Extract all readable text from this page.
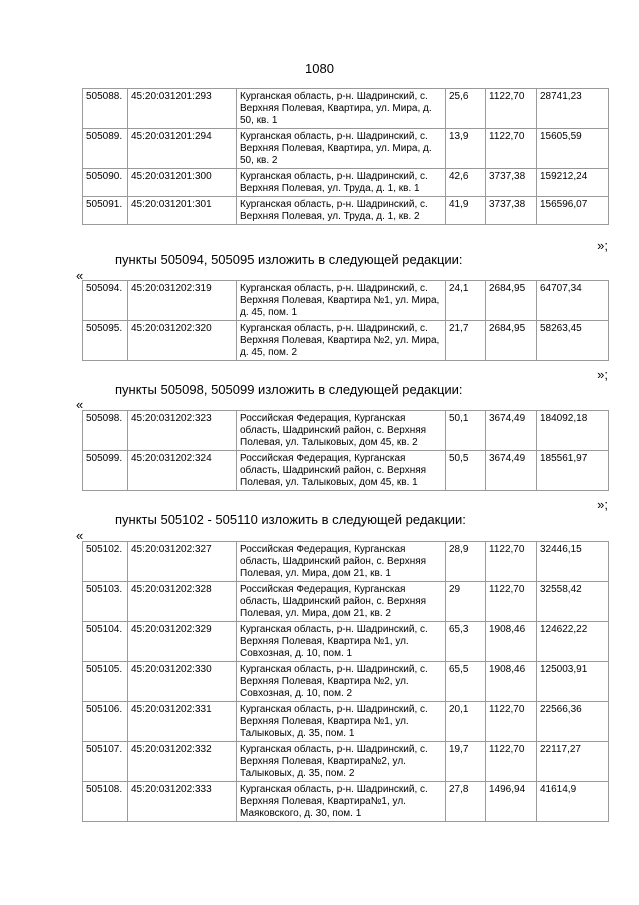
1080
505088.	45:20:031201:293	Курганская область, р-н. Шадринский, с. Верхняя Полевая, Квартира, ул. Мира, д. 50, кв. 1	25,6	1122,70	28741,23
505089.	45:20:031201:294	Курганская область, р-н. Шадринский, с. Верхняя Полевая, Квартира, ул. Мира, д. 50, кв. 2	13,9	1122,70	15605,59
505090.	45:20:031201:300	Курганская область, р-н. Шадринский, с. Верхняя Полевая, ул. Труда, д. 1, кв. 1	42,6	3737,38	159212,24
505091.	45:20:031201:301	Курганская область, р-н. Шадринский, с. Верхняя Полевая, ул. Труда, д. 1, кв. 2	41,9	3737,38	156596,07
»;
пункты 505094, 505095 изложить в следующей редакции:
«
505094.	45:20:031202:319	Курганская область, р-н. Шадринский, с. Верхняя Полевая, Квартира №1, ул. Мира, д. 45, пом. 1	24,1	2684,95	64707,34
505095.	45:20:031202:320	Курганская область, р-н. Шадринский, с. Верхняя Полевая, Квартира №2, ул. Мира, д. 45, пом. 2	21,7	2684,95	58263,45
»;
пункты 505098, 505099 изложить в следующей редакции:
«
505098.	45:20:031202:323	Российская Федерация, Курганская область, Шадринский район, с. Верхняя Полевая, ул. Талыковых, дом 45, кв. 2	50,1	3674,49	184092,18
505099.	45:20:031202:324	Российская Федерация, Курганская область, Шадринский район, с. Верхняя Полевая, ул. Талыковых, дом 45, кв. 1	50,5	3674,49	185561,97
»;
пункты 505102 - 505110 изложить в следующей редакции:
«
505102.	45:20:031202:327	Российская Федерация, Курганская область, Шадринский район, с. Верхняя Полевая, ул. Мира, дом 21, кв. 1	28,9	1122,70	32446,15
505103.	45:20:031202:328	Российская Федерация, Курганская область, Шадринский район, с. Верхняя Полевая, ул. Мира, дом 21, кв. 2	29	1122,70	32558,42
505104.	45:20:031202:329	Курганская область, р-н. Шадринский, с. Верхняя Полевая, Квартира №1, ул. Совхозная, д. 10, пом. 1	65,3	1908,46	124622,22
505105.	45:20:031202:330	Курганская область, р-н. Шадринский, с. Верхняя Полевая, Квартира №2, ул. Совхозная, д. 10, пом. 2	65,5	1908,46	125003,91
505106.	45:20:031202:331	Курганская область, р-н. Шадринский, с. Верхняя Полевая, Квартира №1, ул. Талыковых, д. 35, пом. 1	20,1	1122,70	22566,36
505107.	45:20:031202:332	Курганская область, р-н. Шадринский, с. Верхняя Полевая, Квартира№2, ул. Талыковых, д. 35, пом. 2	19,7	1122,70	22117,27
505108.	45:20:031202:333	Курганская область, р-н. Шадринский, с. Верхняя Полевая, Квартира№1, ул. Маяковского, д. 30, пом. 1	27,8	1496,94	41614,9
